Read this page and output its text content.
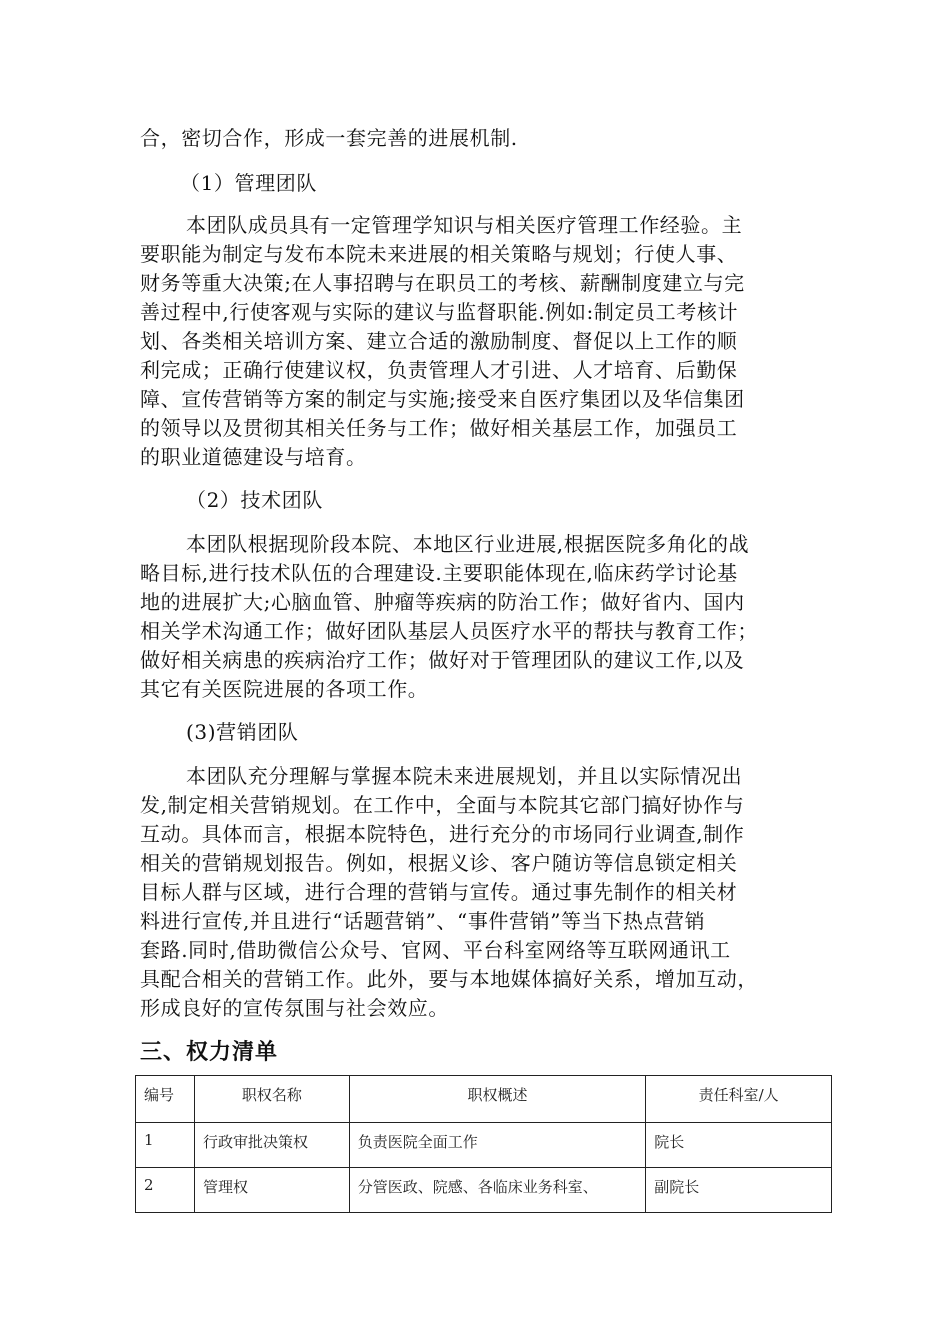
合，密切合作，形成一套完善的进展机制.
（1）管理团队
本团队成员具有一定管理学知识与相关医疗管理工作经验。主
要职能为制定与发布本院未来进展的相关策略与规划；行使人事、
财务等重大决策;在人事招聘与在职员工的考核、薪酬制度建立与完
善过程中,行使客观与实际的建议与监督职能.例如:制定员工考核计
划、各类相关培训方案、建立合适的激励制度、督促以上工作的顺
利完成；正确行使建议权，负责管理人才引进、人才培育、后勤保
障、宣传营销等方案的制定与实施;接受来自医疗集团以及华信集团
的领导以及贯彻其相关任务与工作；做好相关基层工作，加强员工
的职业道德建设与培育。
（2）技术团队
本团队根据现阶段本院、本地区行业进展,根据医院多角化的战
略目标,进行技术队伍的合理建设.主要职能体现在,临床药学讨论基
地的进展扩大;心脑血管、肿瘤等疾病的防治工作；做好省内、国内
相关学术沟通工作；做好团队基层人员医疗水平的帮扶与教育工作；
做好相关病患的疾病治疗工作；做好对于管理团队的建议工作,以及
其它有关医院进展的各项工作。
(3)营销团队
本团队充分理解与掌握本院未来进展规划，并且以实际情况出
发,制定相关营销规划。在工作中，全面与本院其它部门搞好协作与
互动。具体而言，根据本院特色，进行充分的市场同行业调查,制作
相关的营销规划报告。例如，根据义诊、客户随访等信息锁定相关
目标人群与区域，进行合理的营销与宣传。通过事先制作的相关材
料进行宣传,并且进行“话题营销”、“事件营销”等当下热点营销
套路.同时,借助微信公众号、官网、平台科室网络等互联网通讯工
具配合相关的营销工作。此外，要与本地媒体搞好关系，增加互动，
形成良好的宣传氛围与社会效应。
三、权力清单
编号	职权名称	职权概述	责任科室/人
1	行政审批决策权	负责医院全面工作	院长
2	管理权	分管医政、院感、各临床业务科室、	副院长
